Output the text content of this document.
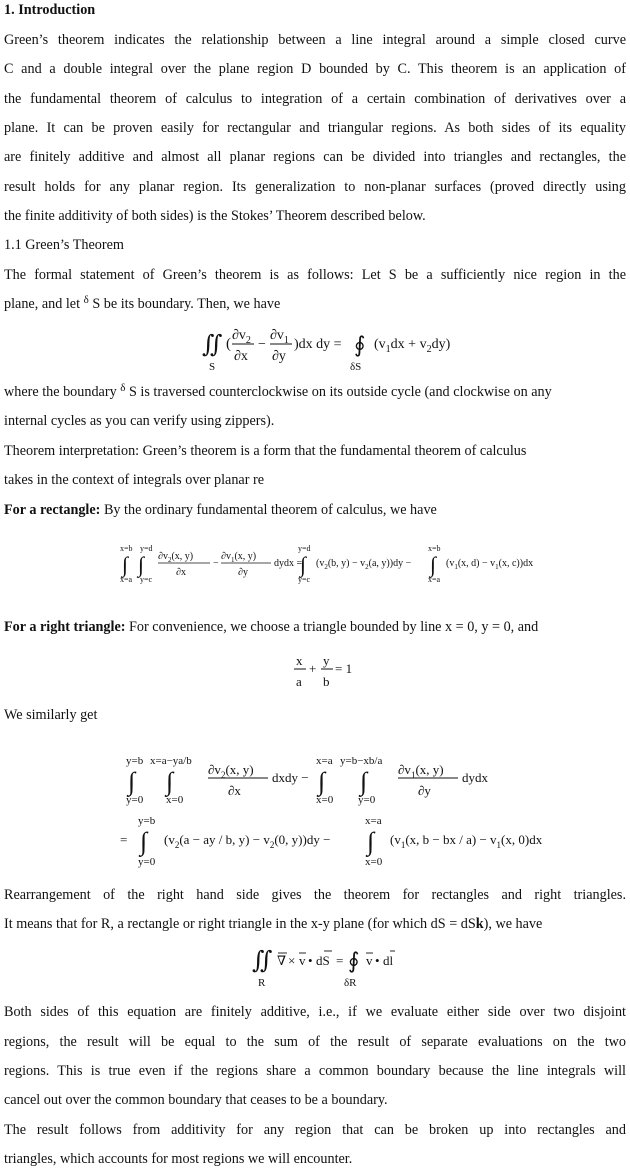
1. Introduction
Green’s theorem indicates the relationship between a line integral around a simple closed curve
C and a double integral over the plane region D bounded by C. This theorem is an application of
the fundamental theorem of calculus to integration of a certain combination of derivatives over a
plane. It can be proven easily for rectangular and triangular regions. As both sides of its equality
are finitely additive and almost all planar regions can be divided into triangles and rectangles, the
result holds for any planar region. Its generalization to non-planar surfaces (proved directly using
the finite additivity of both sides) is the Stokes’ Theorem described below.
1.1 Green’s Theorem
The formal statement of Green’s theorem is as follows: Let S be a sufficiently nice region in the
plane, and let $^\delta$ S be its boundary. Then, we have
∬
S
(
$\partial v_2$
∂x
−
$\partial v_1$
∂y
)dx dy = ∮
δS
$(v_1dx + v_2dy)$
where the boundary $^\delta$ S is traversed counterclockwise on its outside cycle (and clockwise on any
internal cycles as you can verify using zippers).
Theorem interpretation: Green’s theorem is a form that the fundamental theorem of calculus
takes in the context of integrals over planar re
For a rectangle: By the ordinary fundamental theorem of calculus, we have
x=b y=d
∫ ∫
x=a y=c
$\partial v_2(x$, y)
∂x
−
$\partial v_1(x$, y)
∂y
dydx =
y=d
∫
y=c
($v_2(b$, $y) - v_2(a$, y))dy −
x=b
∫
x=a
($v_1(x$, $d) - v_1(x$, c))dx
For a right triangle: For convenience, we choose a triangle bounded by line x = 0, y = 0, and
x
a
+
y
b
= 1
We similarly get
y=b x=a−ya/b
∫ ∫
y=0 x=0
$\partial v_2(x$, y)
∂x
dxdy −
x=a y=b−xb/a
∫ ∫
x=0 y=0
$\partial v_1(x$, y)
∂y
dydx
=
y=b
∫
y=0
($v_2(a$ − ay / b, $y) - v_2(0$, y))dy −
x=a
∫
x=0
($v_1(x$, b − bx / $a) - v_1(x$, 0)dx
Rearrangement of the right hand side gives the theorem for rectangles and right triangles.
It means that for R, a rectangle or right triangle in the x-y plane (for which dS = dSk), we have
∬
R
∇ × v • dS = ∮
δR
v • dl
Both sides of this equation are finitely additive, i.e., if we evaluate either side over two disjoint
regions, the result will be equal to the sum of the result of separate evaluations on the two
regions. This is true even if the regions share a common boundary because the line integrals will
cancel out over the common boundary that ceases to be a boundary.
The result follows from additivity for any region that can be broken up into rectangles and
triangles, which accounts for most regions we will encounter.
